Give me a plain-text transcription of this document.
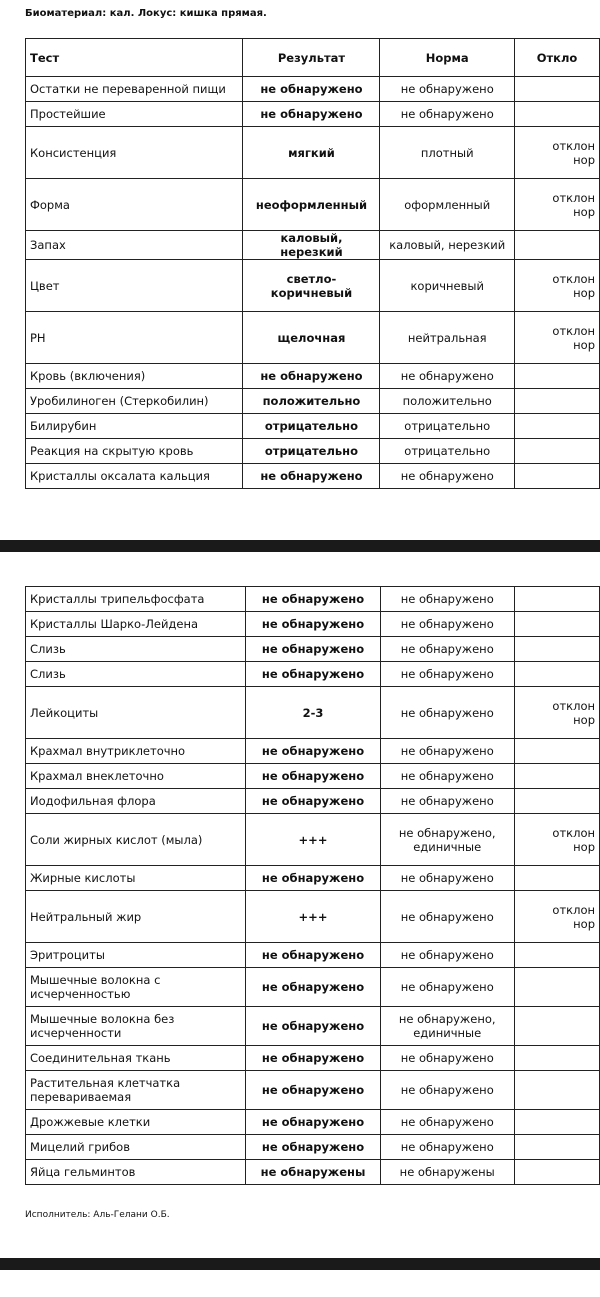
Биоматериал: кал. Локус: кишка прямая.
Тест	Результат	Норма	Откло
Остатки не переваренной пищи	не обнаружено	не обнаружено	
Простейшие	не обнаружено	не обнаружено	
Консистенция	мягкий	плотный	отклон
нор

Форма	неоформленный	оформленный	отклон
нор

Запах	каловый, нерезкий	каловый, нерезкий	
Цвет	светло-коричневый	коричневый	отклон
нор

PH	щелочная	нейтральная	отклон
нор

Кровь (включения)	не обнаружено	не обнаружено	
Уробилиноген (Стеркобилин)	положительно	положительно	
Билирубин	отрицательно	отрицательно	
Реакция на скрытую кровь	отрицательно	отрицательно	
Кристаллы оксалата кальция	не обнаружено	не обнаружено	
Кристаллы трипельфосфата	не обнаружено	не обнаружено	
Кристаллы Шарко-Лейдена	не обнаружено	не обнаружено	
Слизь	не обнаружено	не обнаружено	
Слизь	не обнаружено	не обнаружено	
Лейкоциты	2-3	не обнаружено	отклон
нор

Крахмал внутриклеточно	не обнаружено	не обнаружено	
Крахмал внеклеточно	не обнаружено	не обнаружено	
Иодофильная флора	не обнаружено	не обнаружено	
Соли жирных кислот (мыла)	+++	не обнаружено, единичные	отклон
нор

Жирные кислоты	не обнаружено	не обнаружено	
Нейтральный жир	+++	не обнаружено	отклон
нор

Эритроциты	не обнаружено	не обнаружено	
Мышечные волокна с исчерченностью	не обнаружено	не обнаружено	
Мышечные волокна без исчерченности	не обнаружено	не обнаружено, единичные	
Соединительная ткань	не обнаружено	не обнаружено	
Растительная клетчатка перевариваемая	не обнаружено	не обнаружено	
Дрожжевые клетки	не обнаружено	не обнаружено	
Мицелий грибов	не обнаружено	не обнаружено	
Яйца гельминтов	не обнаружены	не обнаружены	
Исполнитель: Аль-Гелани О.Б.
